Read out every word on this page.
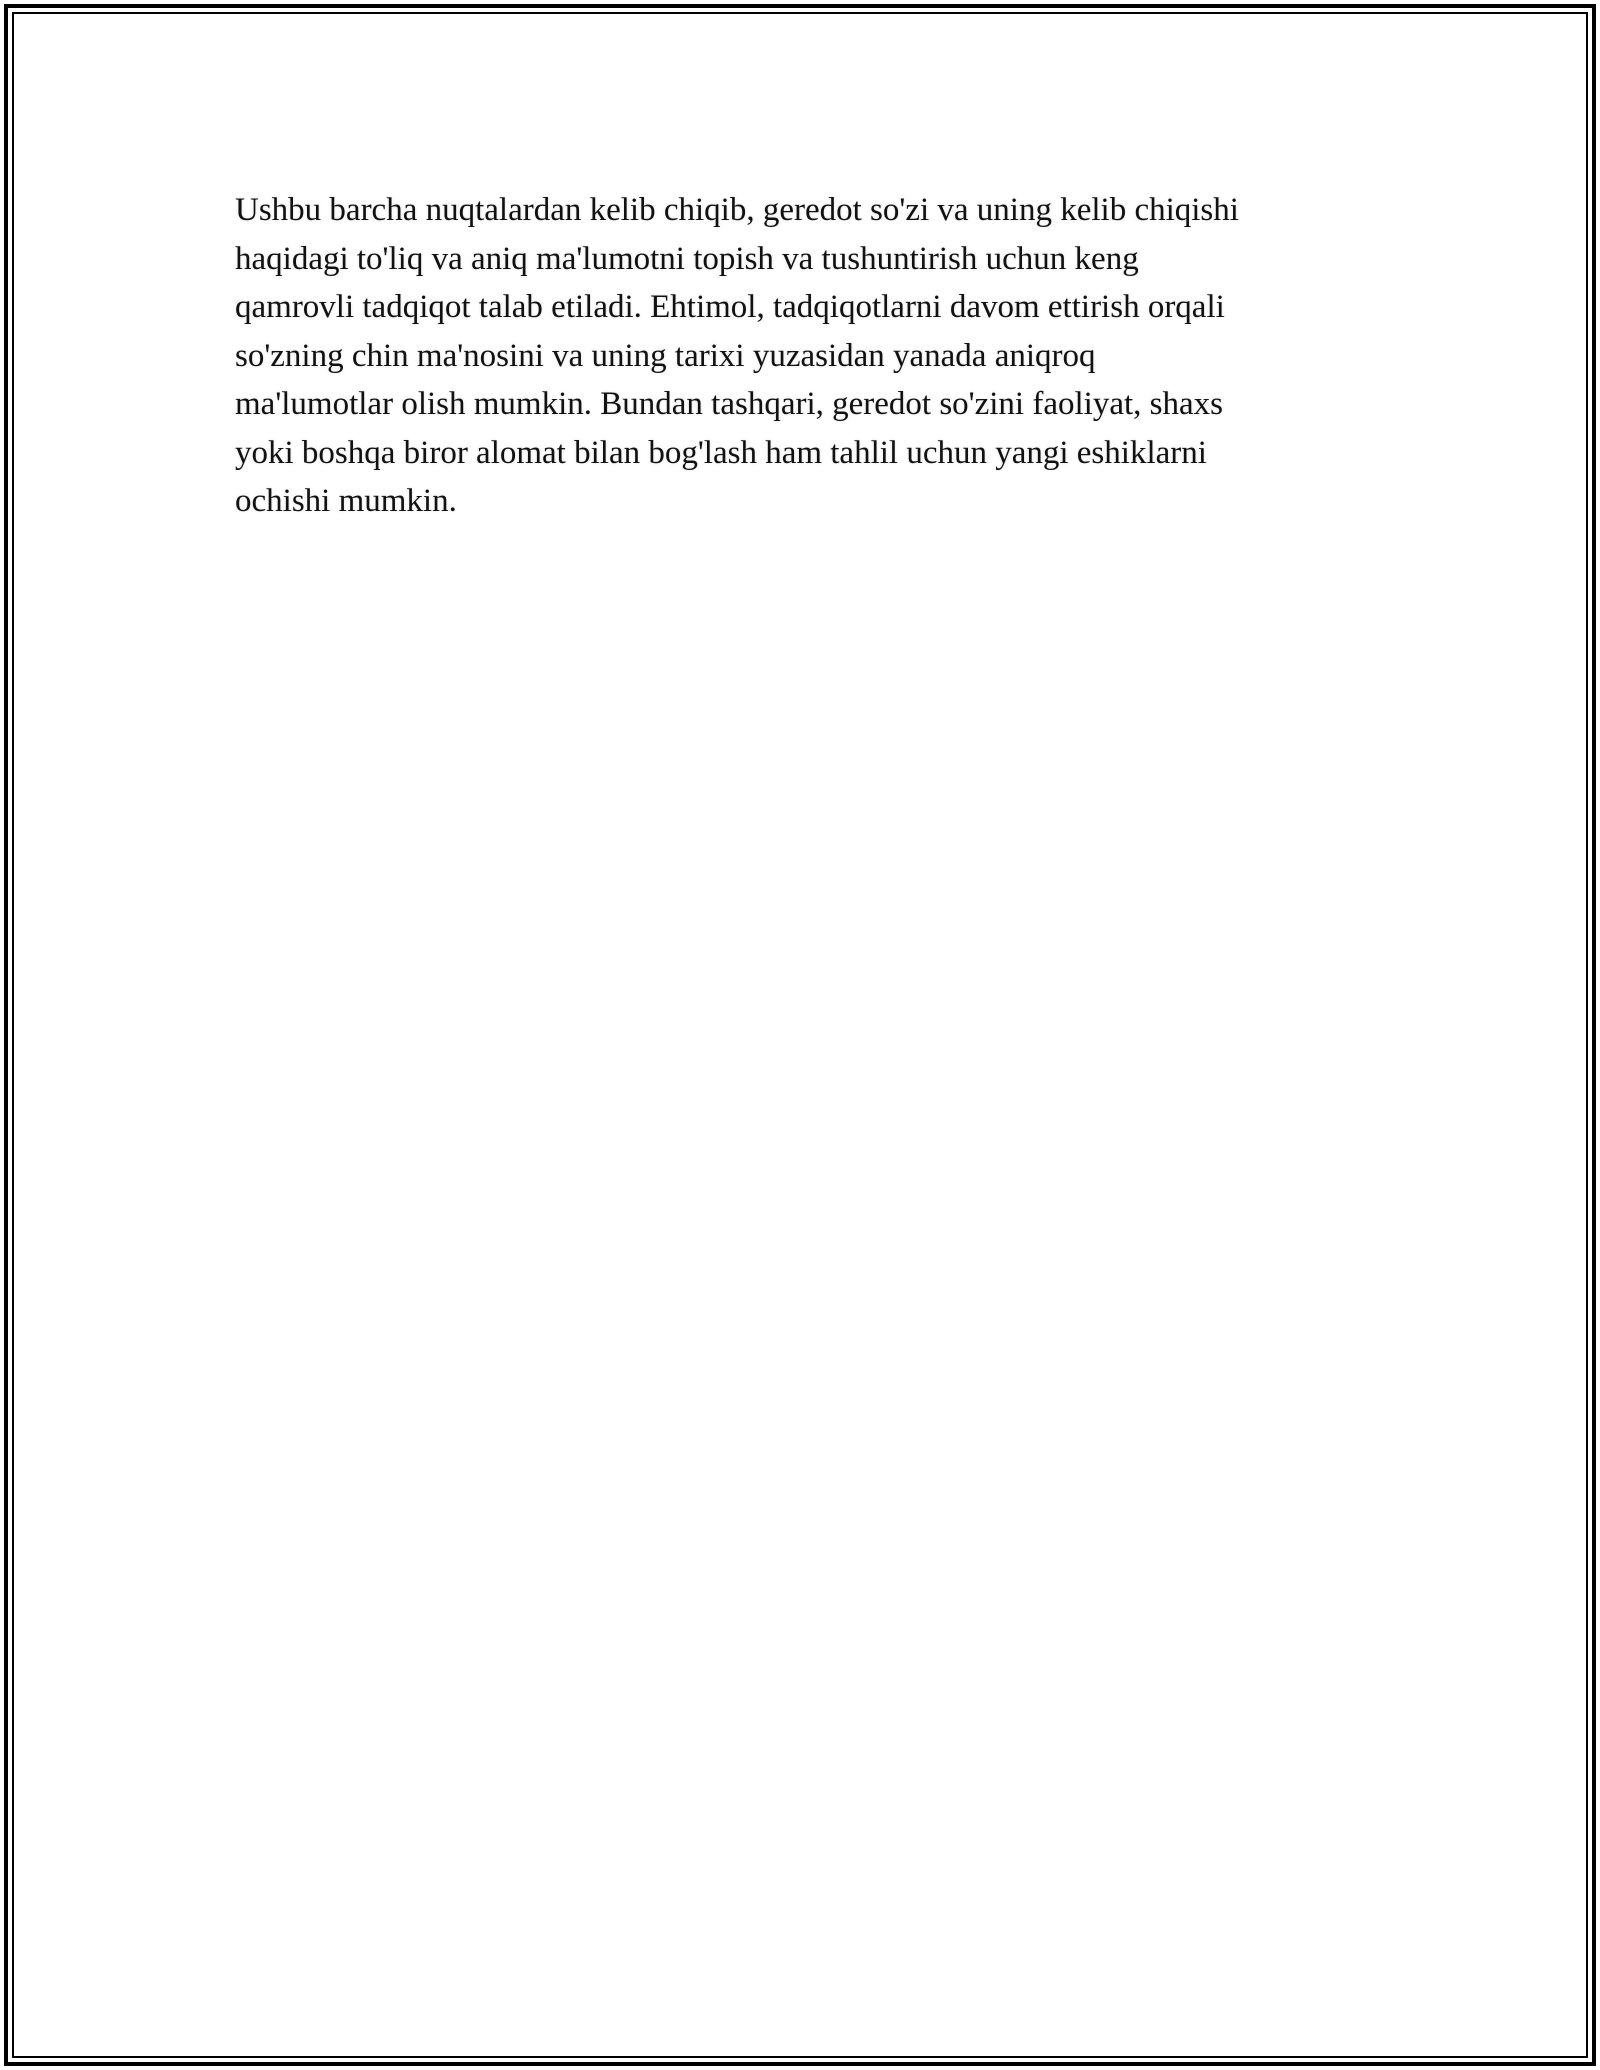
Ushbu barcha nuqtalardan kelib chiqib, geredot so'zi va uning kelib chiqishi
haqidagi to'liq va aniq ma'lumotni topish va tushuntirish uchun keng
qamrovli tadqiqot talab etiladi. Ehtimol, tadqiqotlarni davom ettirish orqali
so'zning chin ma'nosini va uning tarixi yuzasidan yanada aniqroq
ma'lumotlar olish mumkin. Bundan tashqari, geredot so'zini faoliyat, shaxs
yoki boshqa biror alomat bilan bog'lash ham tahlil uchun yangi eshiklarni
ochishi mumkin.
